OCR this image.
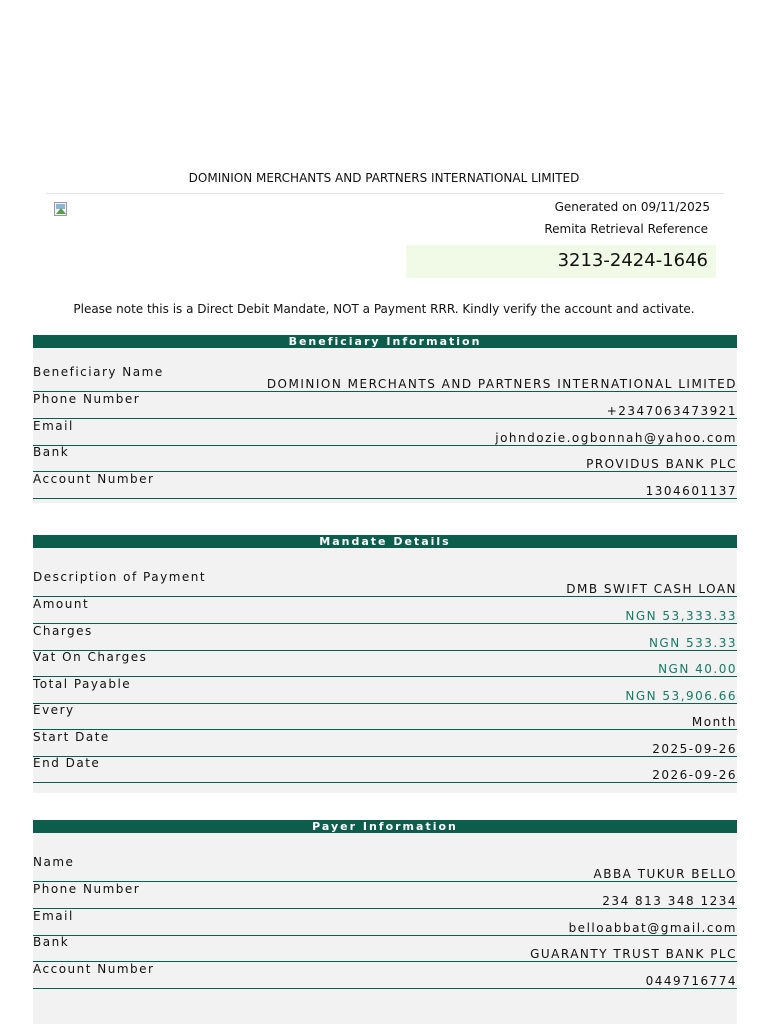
DOMINION MERCHANTS AND PARTNERS INTERNATIONAL LIMITED
Generated on 09/11/2025
Remita Retrieval Reference
3213-2424-1646
Please note this is a Direct Debit Mandate, NOT a Payment RRR. Kindly verify the account and activate.
Beneficiary Information
Beneficiary Name
DOMINION MERCHANTS AND PARTNERS INTERNATIONAL LIMITED
Phone Number
+2347063473921
Email
johndozie.ogbonnah@yahoo.com
Bank
PROVIDUS BANK PLC
Account Number
1304601137
Mandate Details
Description of Payment
DMB SWIFT CASH LOAN
Amount
NGN 53,333.33
Charges
NGN 533.33
Vat On Charges
NGN 40.00
Total Payable
NGN 53,906.66
Every
Month
Start Date
2025-09-26
End Date
2026-09-26
Payer Information
Name
ABBA TUKUR BELLO
Phone Number
234 813 348 1234
Email
belloabbat@gmail.com
Bank
GUARANTY TRUST BANK PLC
Account Number
0449716774
